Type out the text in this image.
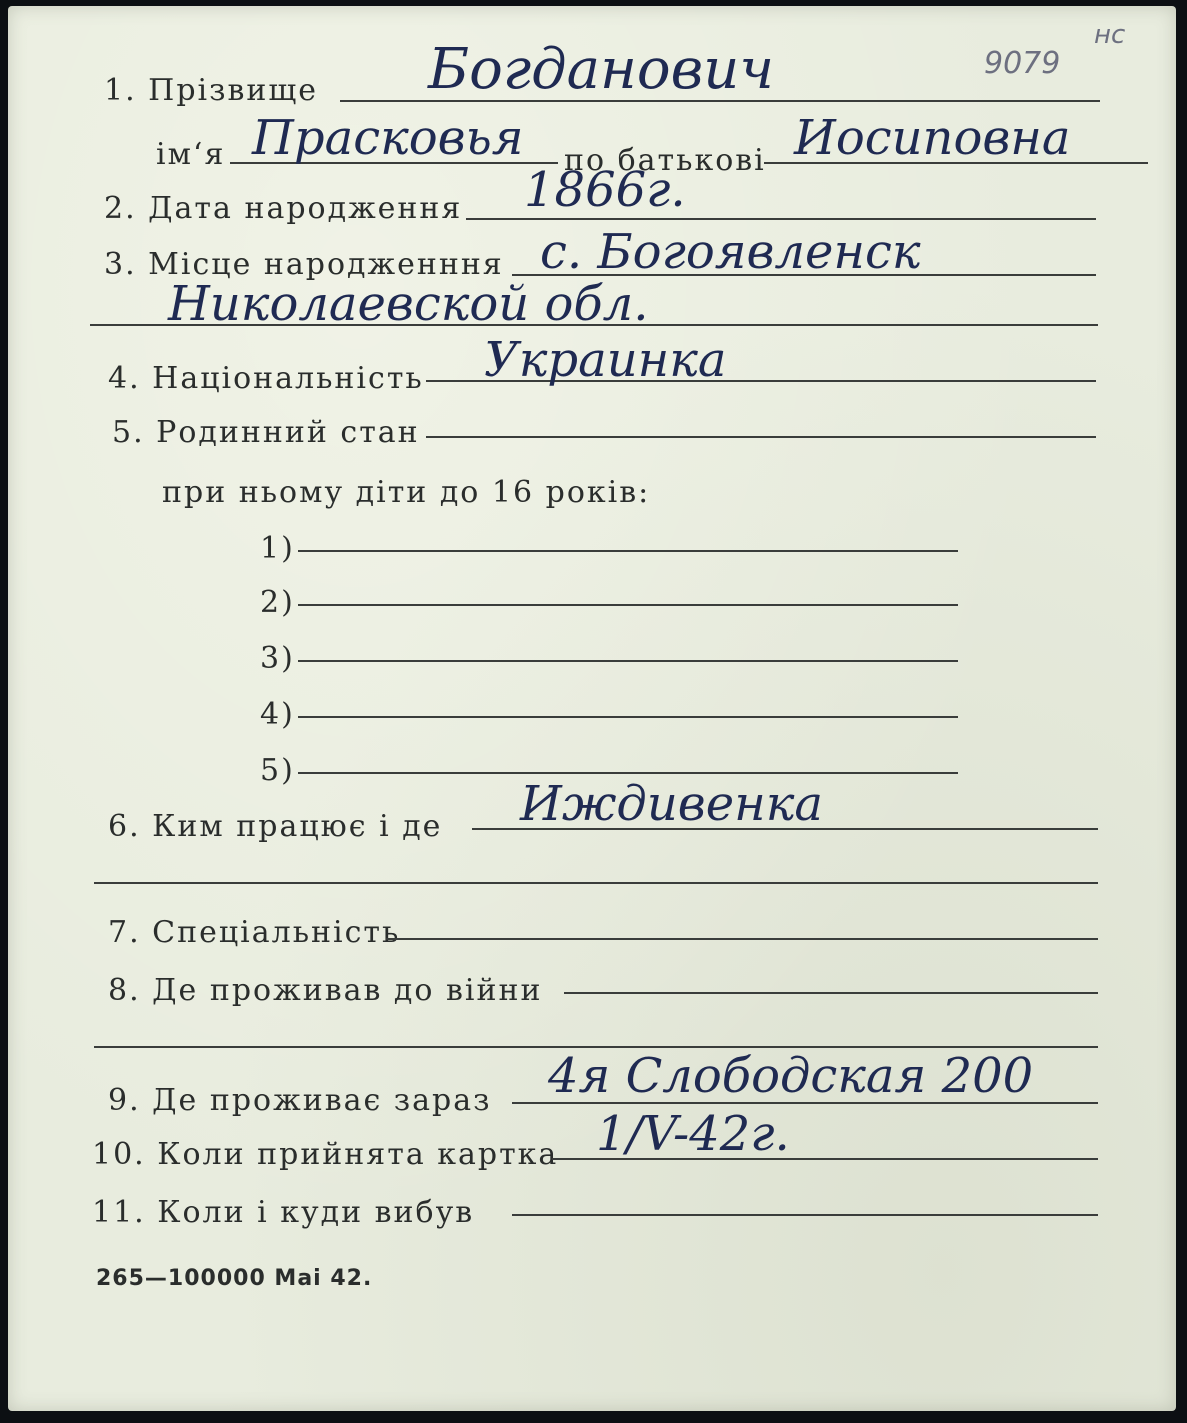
9079
нс
1. Прізвище Богданович
ім‘я Прасковья по батькові Иосиповна
2. Дата народження 1866г.
3. Місце народженння с. Богоявленск
Николаевской обл.
4. Національність Украинка
5. Родинний стан
при ньому діти до 16 років:
1)
2)
3)
4)
5)
6. Ким працює і де Иждивенка
7. Спеціальність
8. Де проживав до війни
9. Де проживає зараз 4я Слободская 200
10. Коли прийнята картка 1/V-42г.
11. Коли і куди вибув
265—100000 Mai 42.
